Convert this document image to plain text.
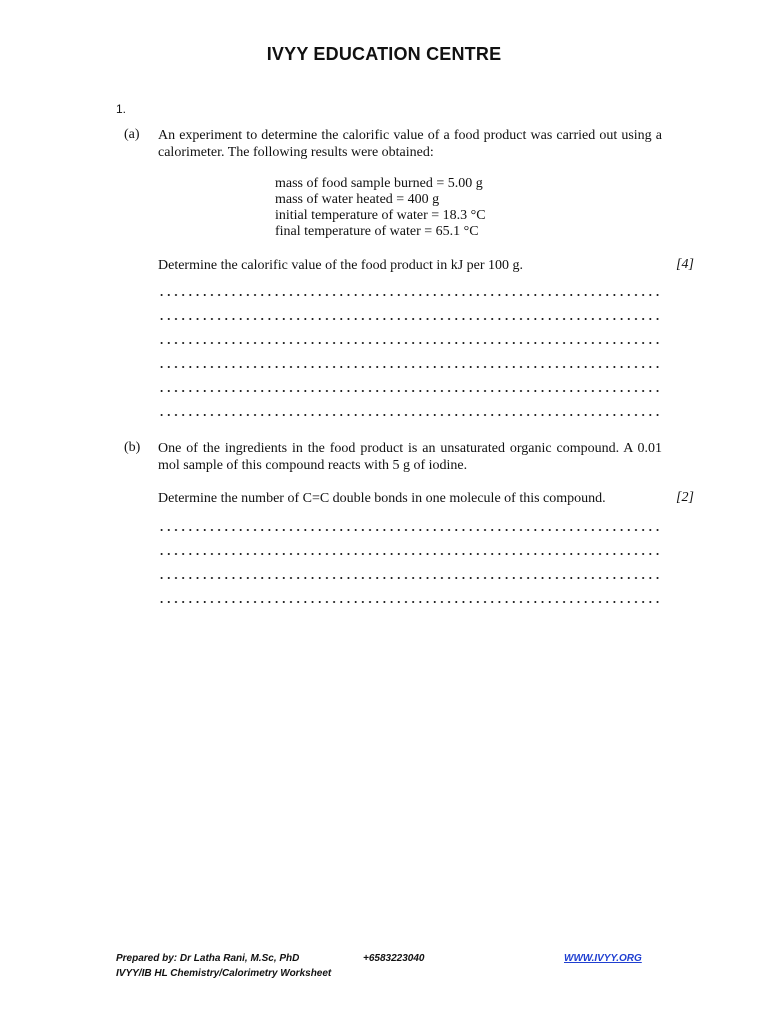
IVYY EDUCATION CENTRE
1.
(a) An experiment to determine the calorific value of a food product was carried out using a calorimeter. The following results were obtained:
mass of food sample burned = 5.00 g
mass of water heated = 400 g
initial temperature of water = 18.3 °C
final temperature of water = 65.1 °C
Determine the calorific value of the food product in kJ per 100 g.	[4]
(b) One of the ingredients in the food product is an unsaturated organic compound. A 0.01 mol sample of this compound reacts with 5 g of iodine.
Determine the number of C=C double bonds in one molecule of this compound.	[2]
Prepared by: Dr Latha Rani, M.Sc, PhD	+6583223040	WWW.IVYY.ORG
IVYY/IB HL Chemistry/Calorimetry Worksheet
